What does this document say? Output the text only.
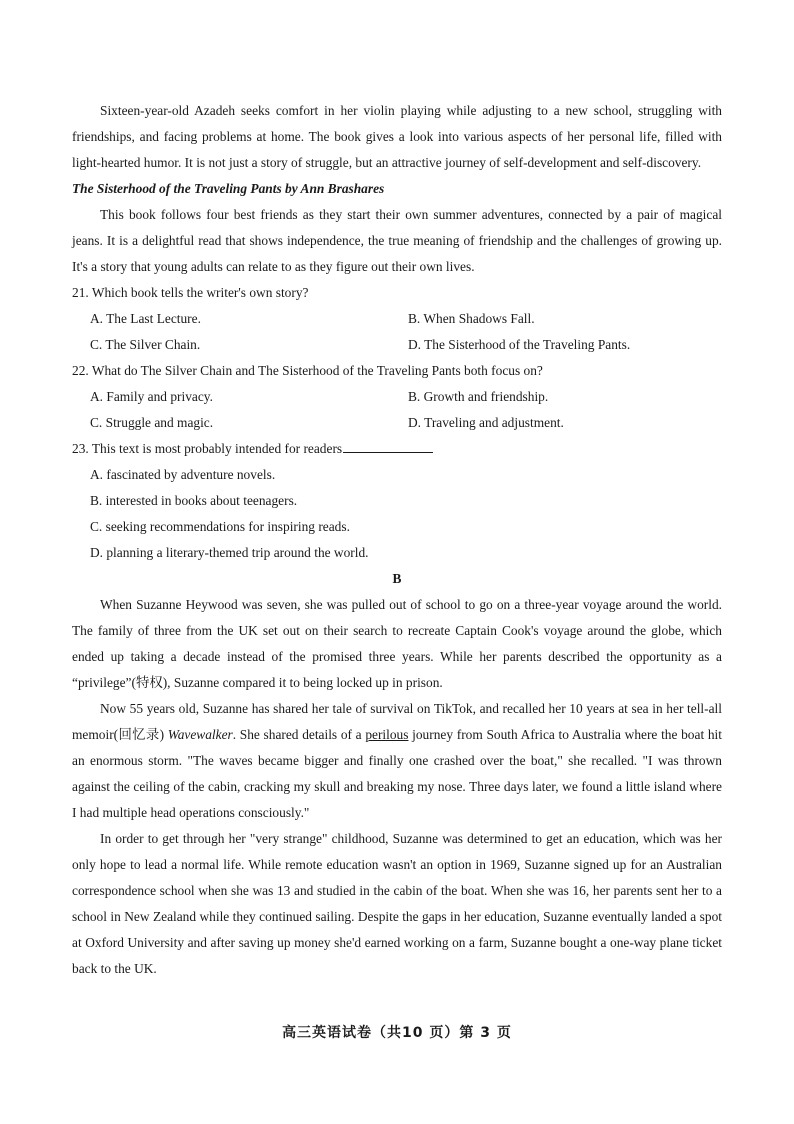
Sixteen-year-old Azadeh seeks comfort in her violin playing while adjusting to a new school, struggling with friendships, and facing problems at home. The book gives a look into various aspects of her personal life, filled with light-hearted humor. It is not just a story of struggle, but an attractive journey of self-development and self-discovery.

The Sisterhood of the Traveling Pants by Ann Brashares

This book follows four best friends as they start their own summer adventures, connected by a pair of magical jeans. It is a delightful read that shows independence, the true meaning of friendship and the challenges of growing up. It's a story that young adults can relate to as they figure out their own lives.

21. Which book tells the writer's own story?

A. The Last Lecture.	B. When Shadows Fall.
C. The Silver Chain.	D. The Sisterhood of the Traveling Pants.

22. What do The Silver Chain and The Sisterhood of the Traveling Pants both focus on?

A. Family and privacy.	B. Growth and friendship.
C. Struggle and magic.	D. Traveling and adjustment.

23. This text is most probably intended for readers

A. fascinated by adventure novels.

B. interested in books about teenagers.

C. seeking recommendations for inspiring reads.

D. planning a literary-themed trip around the world.

B

When Suzanne Heywood was seven, she was pulled out of school to go on a three-year voyage around the world. The family of three from the UK set out on their search to recreate Captain Cook's voyage around the globe, which ended up taking a decade instead of the promised three years. While her parents described the opportunity as a “privilege”(特权), Suzanne compared it to being locked up in prison.

Now 55 years old, Suzanne has shared her tale of survival on TikTok, and recalled her 10 years at sea in her tell-all memoir(回忆录) Wavewalker. She shared details of a perilous journey from South Africa to Australia where the boat hit an enormous storm. "The waves became bigger and finally one crashed over the boat," she recalled. "I was thrown against the ceiling of the cabin, cracking my skull and breaking my nose. Three days later, we found a little island where I had multiple head operations consciously."

In order to get through her "very strange" childhood, Suzanne was determined to get an education, which was her only hope to lead a normal life. While remote education wasn't an option in 1969, Suzanne signed up for an Australian correspondence school when she was 13 and studied in the cabin of the boat. When she was 16, her parents sent her to a school in New Zealand while they continued sailing. Despite the gaps in her education, Suzanne eventually landed a spot at Oxford University and after saving up money she'd earned working on a farm, Suzanne bought a one-way plane ticket back to the UK.

高三英语试卷（共10 页）第 3 页
